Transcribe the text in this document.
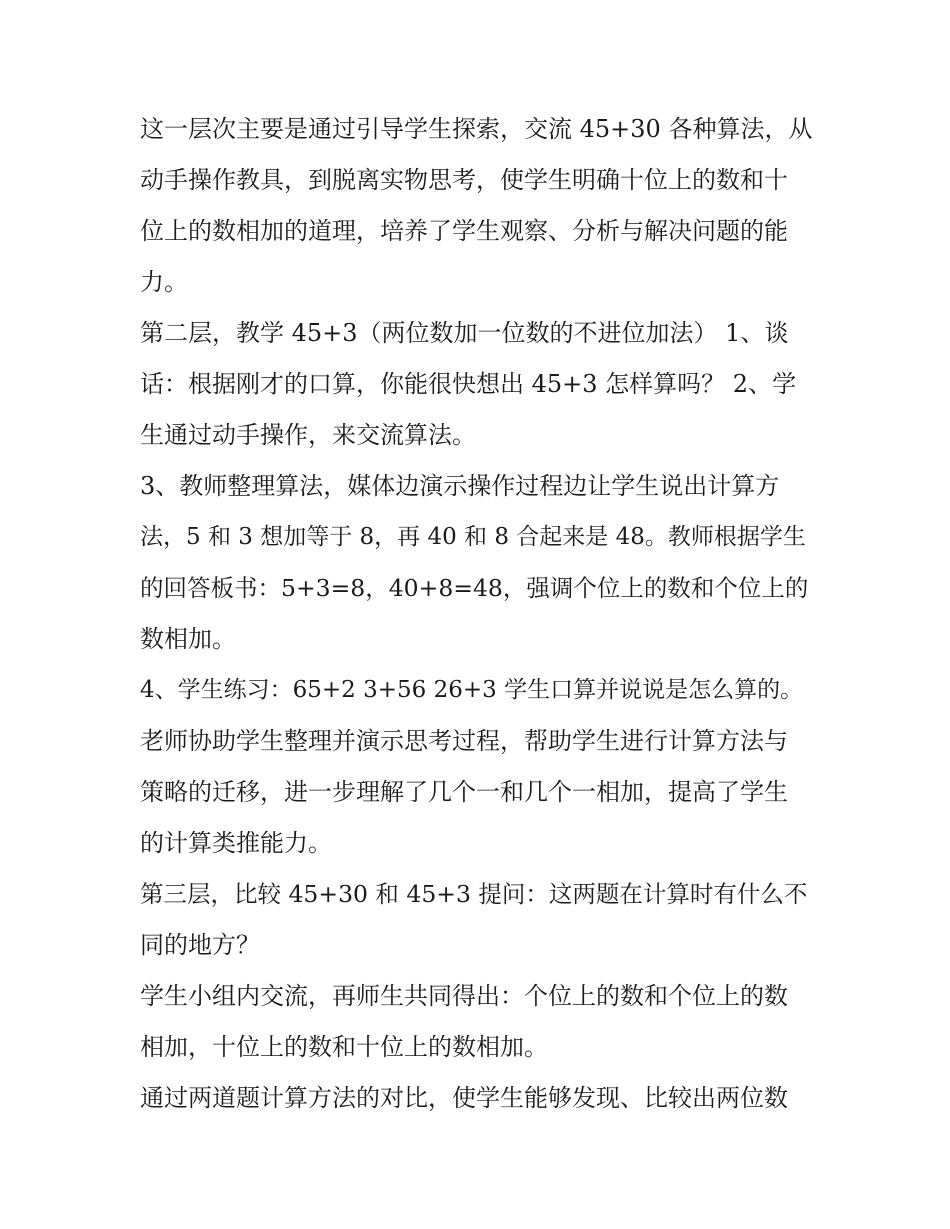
这一层次主要是通过引导学生探索，交流 45+30 各种算法，从
动手操作教具，到脱离实物思考，使学生明确十位上的数和十
位上的数相加的道理，培养了学生观察、分析与解决问题的能
力。
第二层，教学 45+3（两位数加一位数的不进位加法） 1、谈
话：根据刚才的口算，你能很快想出 45+3 怎样算吗？ 2、学
生通过动手操作，来交流算法。
3、教师整理算法，媒体边演示操作过程边让学生说出计算方
法，5 和 3 想加等于 8，再 40 和 8 合起来是 48。教师根据学生
的回答板书：5+3=8，40+8=48，强调个位上的数和个位上的
数相加。
4、学生练习：65+2 3+56 26+3 学生口算并说说是怎么算的。
老师协助学生整理并演示思考过程，帮助学生进行计算方法与
策略的迁移，进一步理解了几个一和几个一相加，提高了学生
的计算类推能力。
第三层，比较 45+30 和 45+3 提问：这两题在计算时有什么不
同的地方？
学生小组内交流，再师生共同得出：个位上的数和个位上的数
相加，十位上的数和十位上的数相加。
通过两道题计算方法的对比，使学生能够发现、比较出两位数
